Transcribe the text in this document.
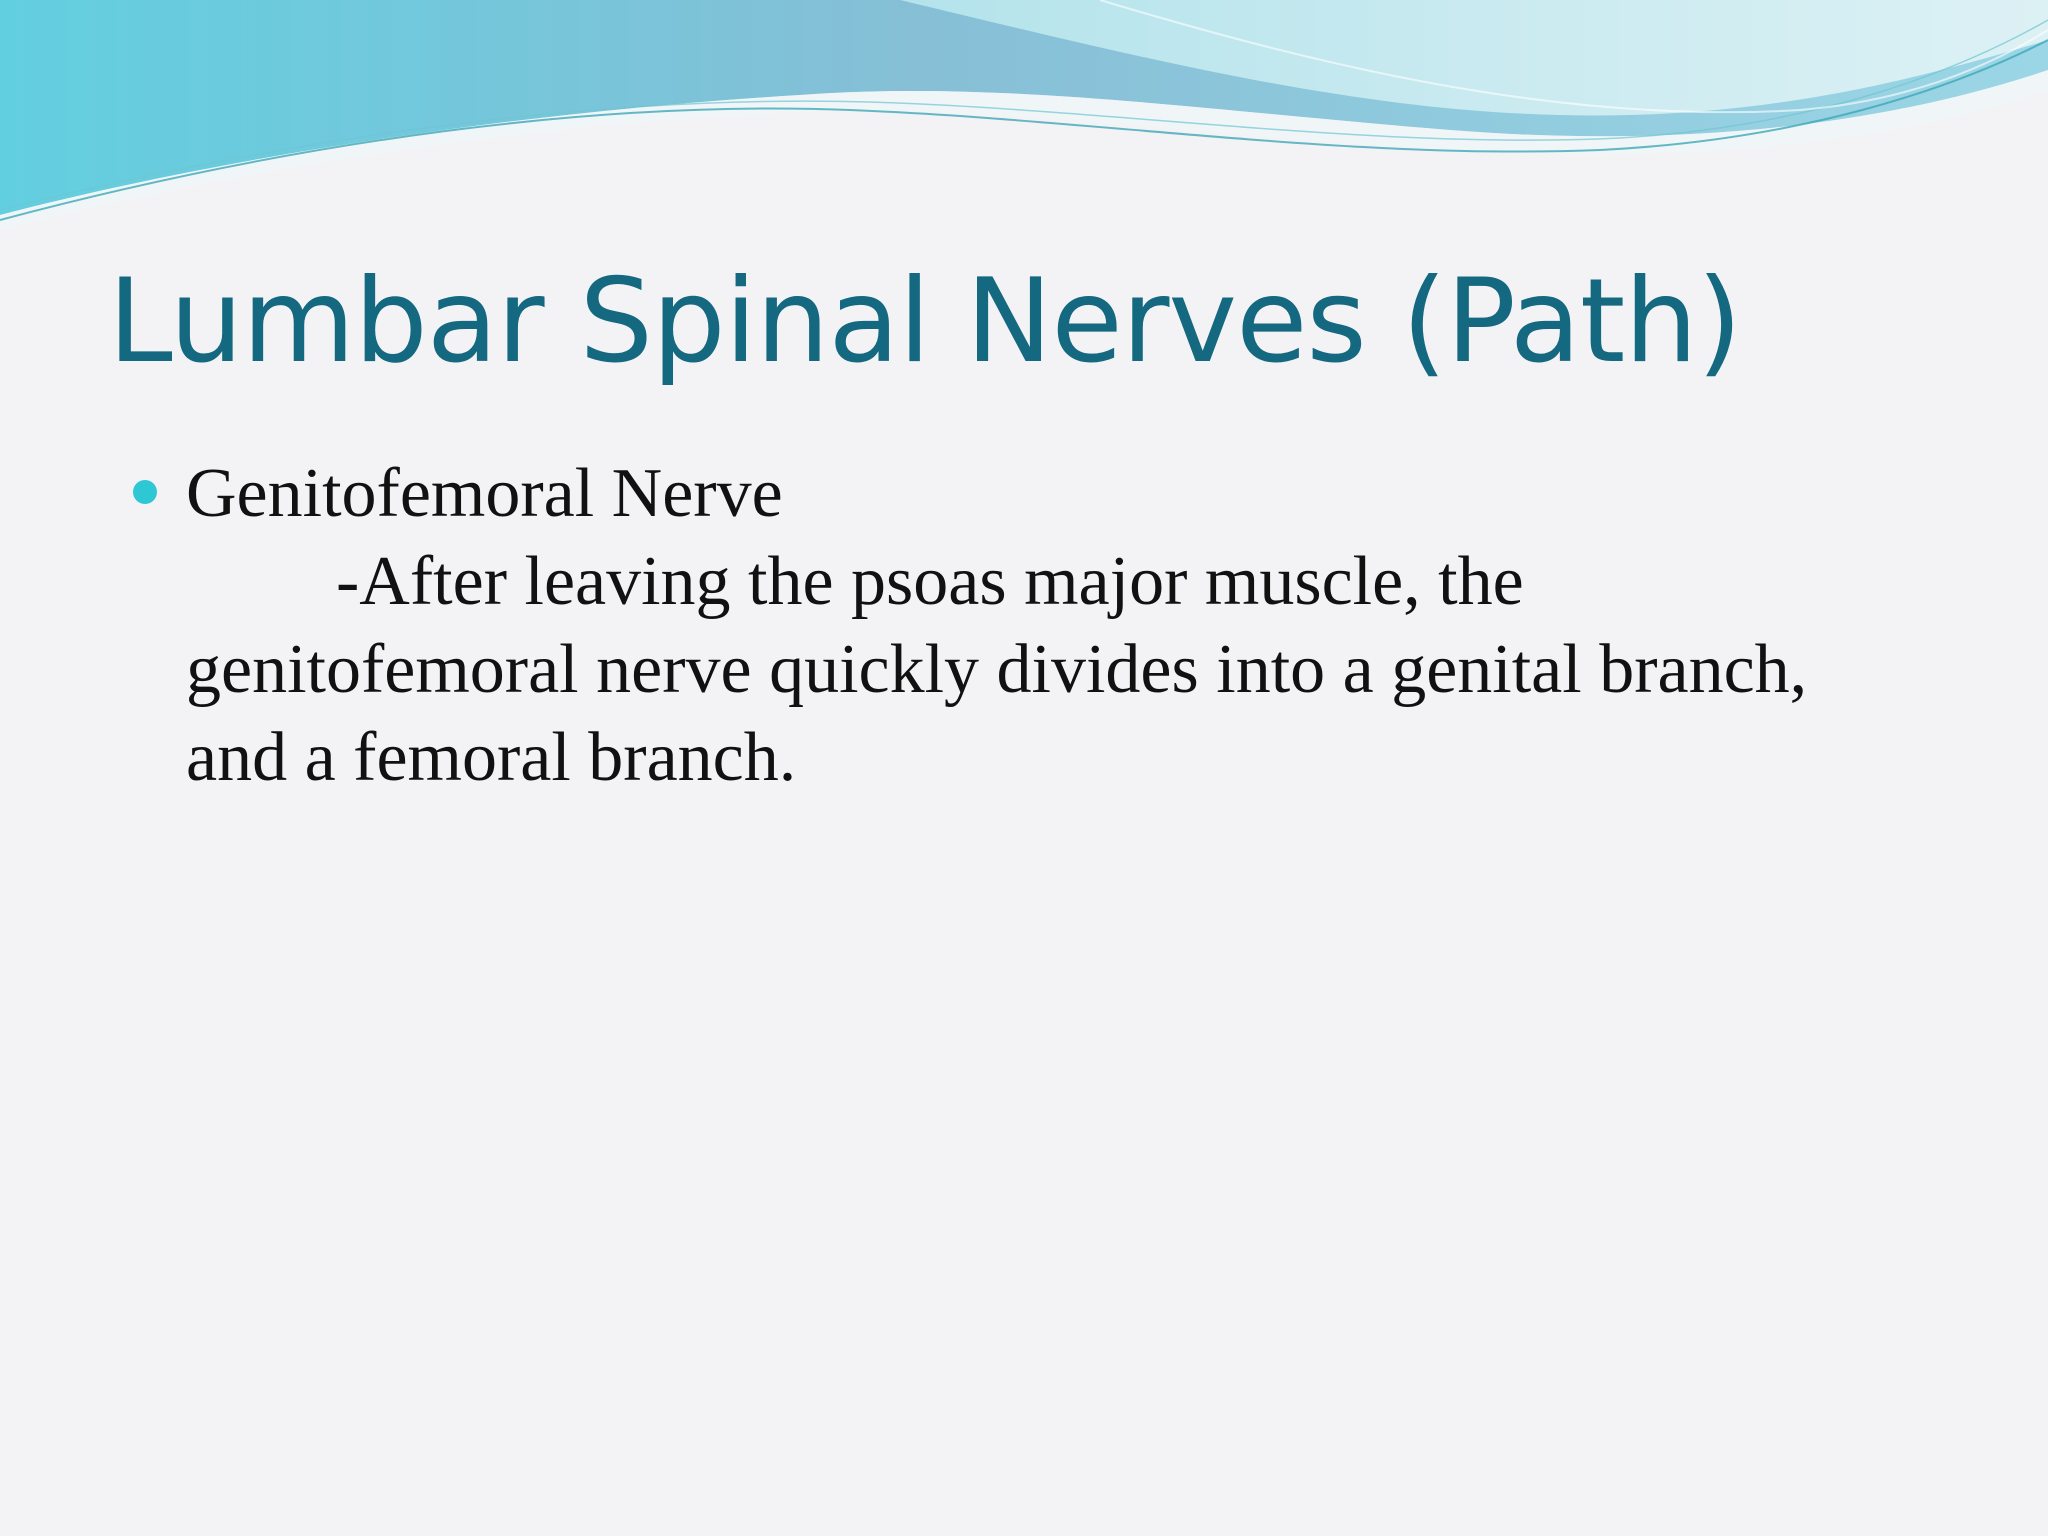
Lumbar Spinal Nerves (Path)

Genitofemoral Nerve

-After leaving the psoas major muscle, the genitofemoral nerve quickly divides into a genital branch, and a femoral branch.
